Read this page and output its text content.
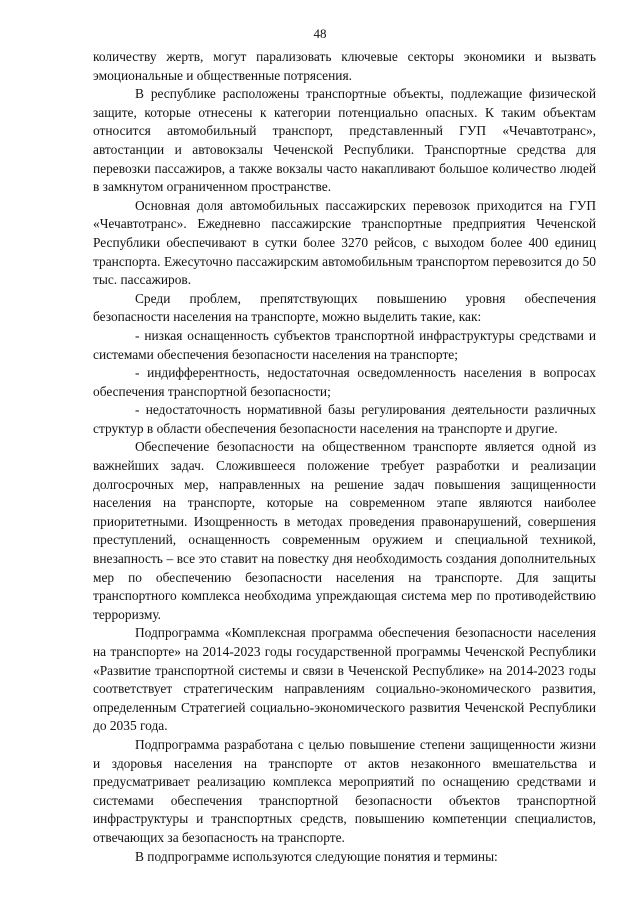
48

количеству жертв, могут парализовать ключевые секторы экономики и вызвать эмоциональные и общественные потрясения.

В республике расположены транспортные объекты, подлежащие физической защите, которые отнесены к категории потенциально опасных. К таким объектам относится автомобильный транспорт, представленный ГУП «Чечавтотранс», автостанции и автовокзалы Чеченской Республики. Транспортные средства для перевозки пассажиров, а также вокзалы часто накапливают большое количество людей в замкнутом ограниченном пространстве.

Основная доля автомобильных пассажирских перевозок приходится на ГУП «Чечавтотранс». Ежедневно пассажирские транспортные предприятия Чеченской Республики обеспечивают в сутки более 3270 рейсов, с выходом более 400 единиц транспорта. Ежесуточно пассажирским автомобильным транспортом перевозится до 50 тыс. пассажиров.

Среди проблем, препятствующих повышению уровня обеспечения безопасности населения на транспорте, можно выделить такие, как:

- низкая оснащенность субъектов транспортной инфраструктуры средствами и системами обеспечения безопасности населения на транспорте;

- индифферентность, недостаточная осведомленность населения в вопросах обеспечения транспортной безопасности;

- недостаточность нормативной базы регулирования деятельности различных структур в области обеспечения безопасности населения на транспорте и другие.

Обеспечение безопасности на общественном транспорте является одной из важнейших задач. Сложившееся положение требует разработки и реализации долгосрочных мер, направленных на решение задач повышения защищенности населения на транспорте, которые на современном этапе являются наиболее приоритетными. Изощренность в методах проведения правонарушений, совершения преступлений, оснащенность современным оружием и специальной техникой, внезапность – все это ставит на повестку дня необходимость создания дополнительных мер по обеспечению безопасности населения на транспорте. Для защиты транспортного комплекса необходима упреждающая система мер по противодействию терроризму.

Подпрограмма «Комплексная программа обеспечения безопасности населения на транспорте» на 2014-2023 годы государственной программы Чеченской Республики «Развитие транспортной системы и связи в Чеченской Республике» на 2014-2023 годы соответствует стратегическим направлениям социально-экономического развития, определенным Стратегией социально-экономического развития Чеченской Республики до 2035 года.

Подпрограмма разработана с целью повышение степени защищенности жизни и здоровья населения на транспорте от актов незаконного вмешательства и предусматривает реализацию комплекса мероприятий по оснащению средствами и системами обеспечения транспортной безопасности объектов транспортной инфраструктуры и транспортных средств, повышению компетенции специалистов, отвечающих за безопасность на транспорте.

В подпрограмме используются следующие понятия и термины:
